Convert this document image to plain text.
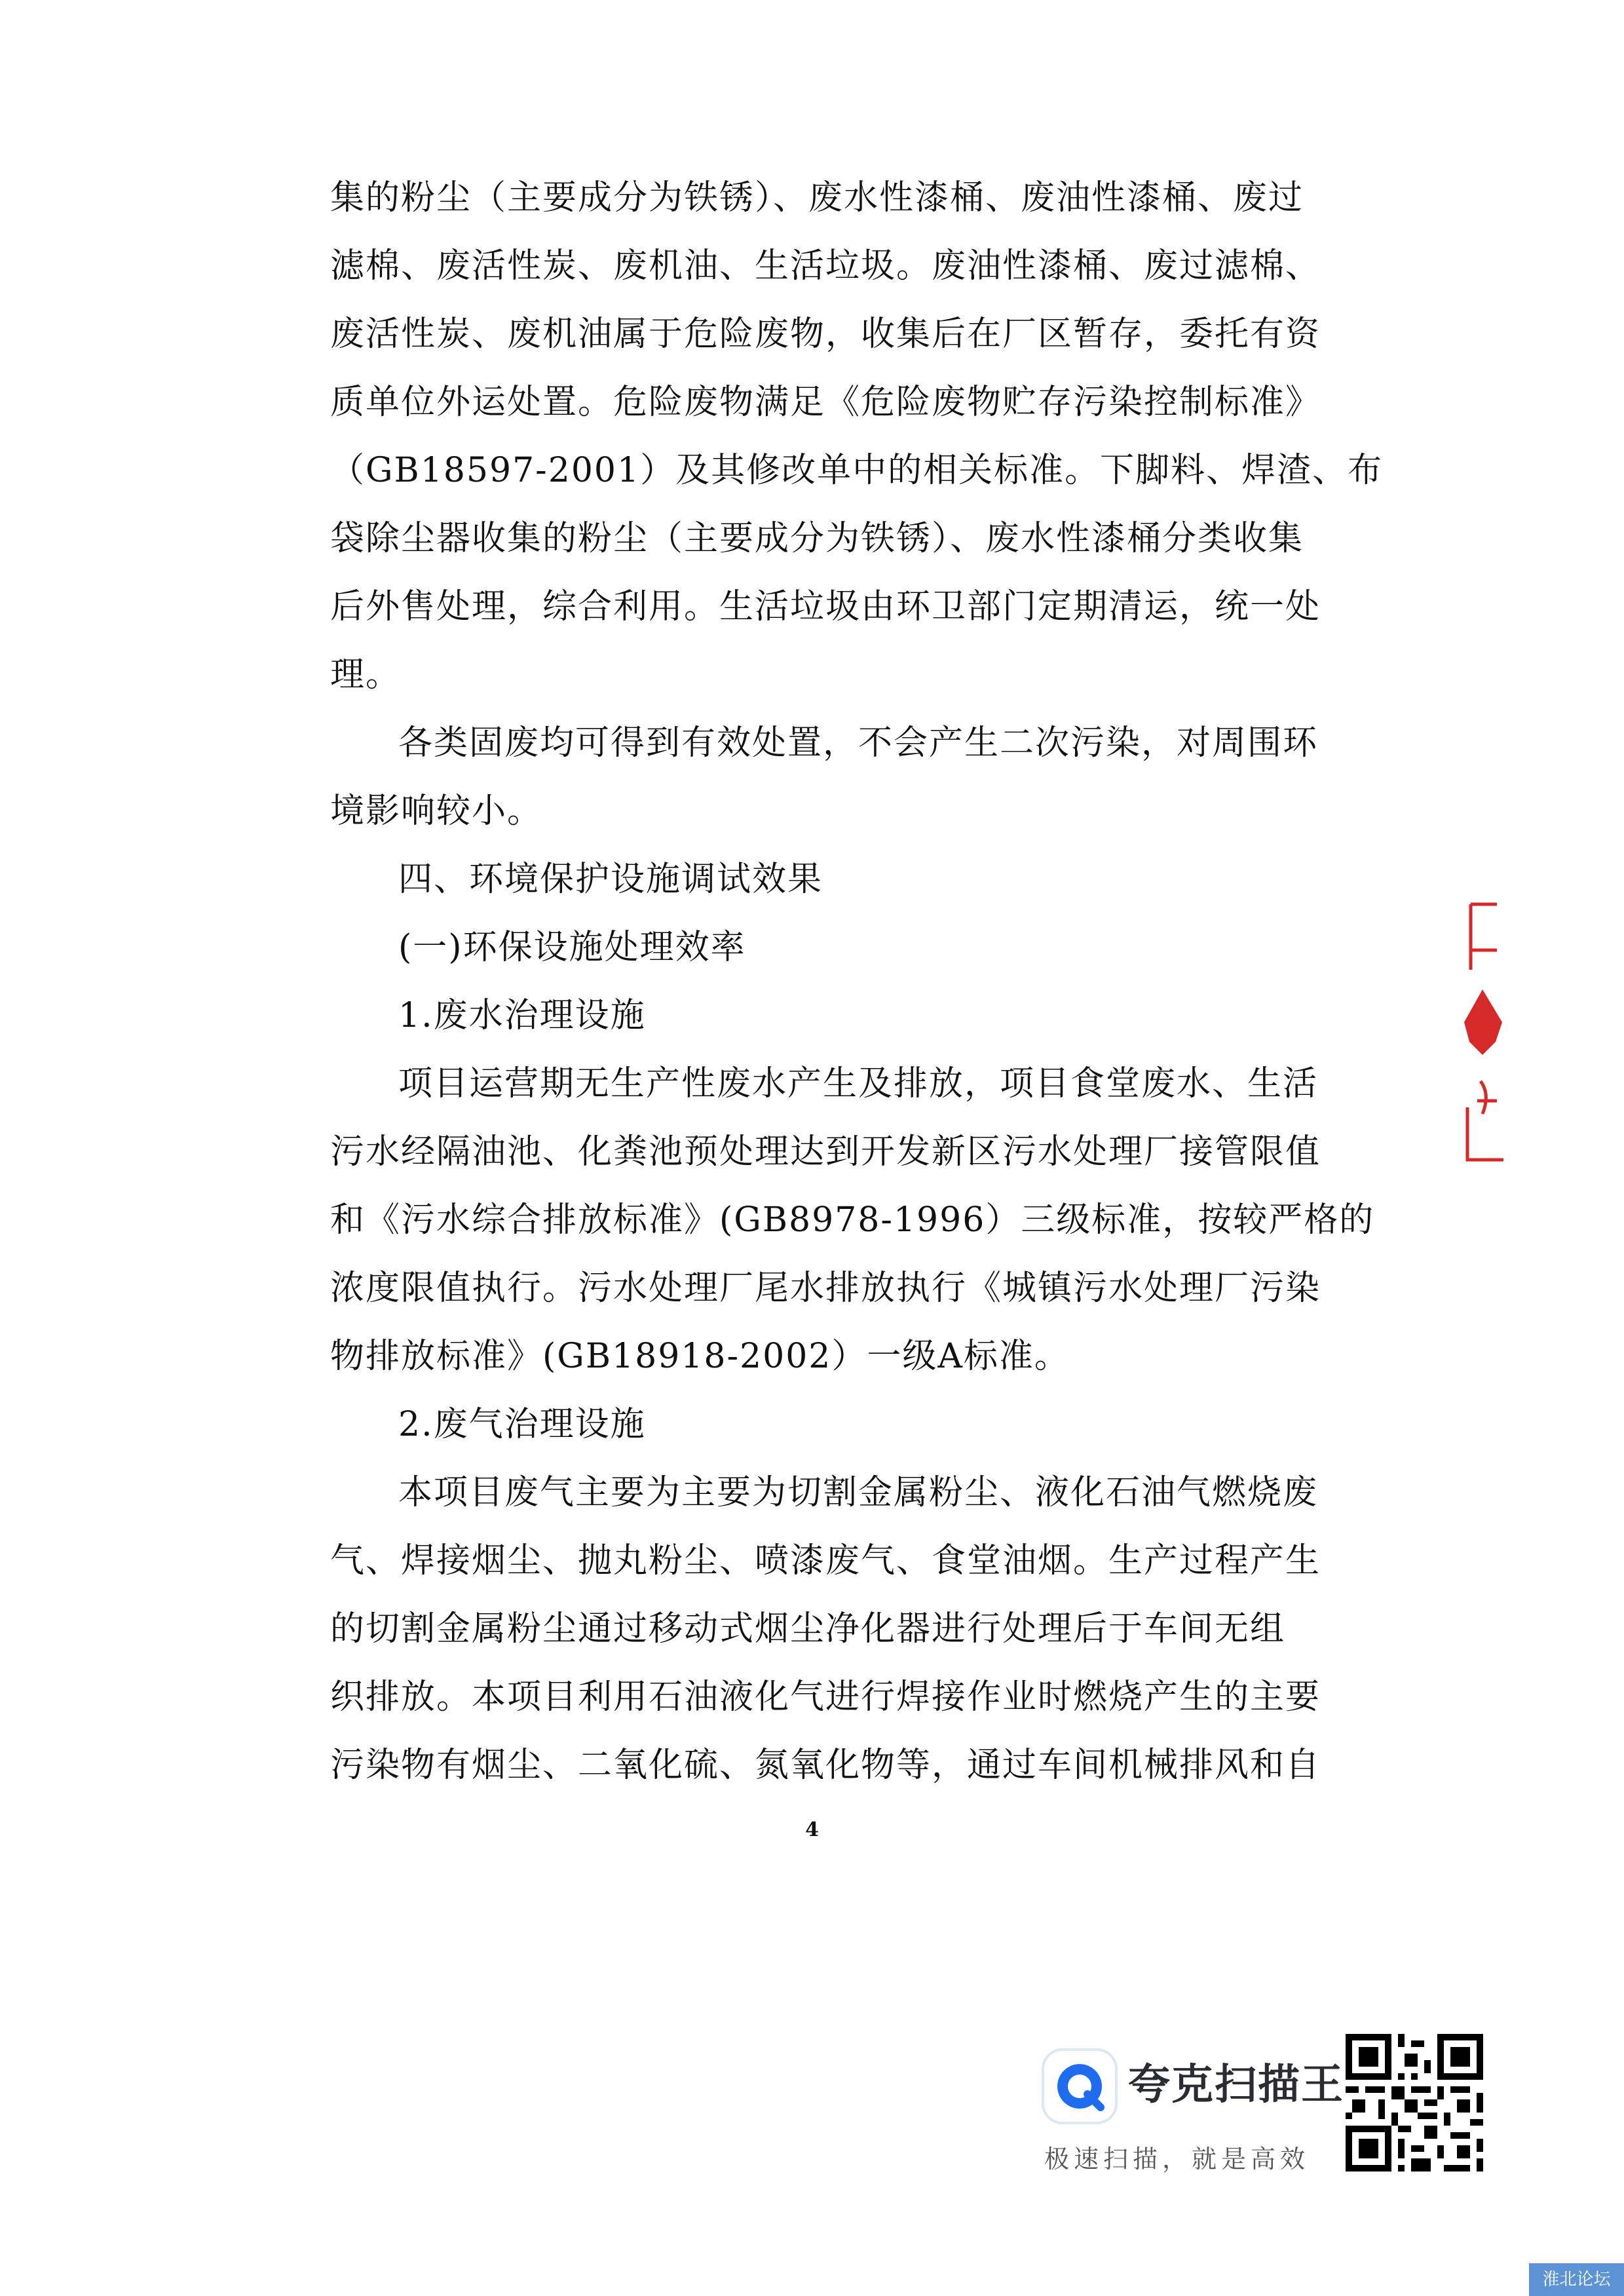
集的粉尘（主要成分为铁锈）、废水性漆桶、废油性漆桶、废过
滤棉、废活性炭、废机油、生活垃圾。废油性漆桶、废过滤棉、
废活性炭、废机油属于危险废物，收集后在厂区暂存，委托有资
质单位外运处置。危险废物满足《危险废物贮存污染控制标准》
（GB18597-2001）及其修改单中的相关标准。下脚料、焊渣、布
袋除尘器收集的粉尘（主要成分为铁锈）、废水性漆桶分类收集
后外售处理，综合利用。生活垃圾由环卫部门定期清运，统一处
理。
各类固废均可得到有效处置，不会产生二次污染，对周围环
境影响较小。
四、环境保护设施调试效果
(一)环保设施处理效率
1.废水治理设施
项目运营期无生产性废水产生及排放，项目食堂废水、生活
污水经隔油池、化粪池预处理达到开发新区污水处理厂接管限值
和《污水综合排放标准》(GB8978-1996）三级标准，按较严格的
浓度限值执行。污水处理厂尾水排放执行《城镇污水处理厂污染
物排放标准》(GB18918-2002）一级A标准。
2.废气治理设施
本项目废气主要为主要为切割金属粉尘、液化石油气燃烧废
气、焊接烟尘、抛丸粉尘、喷漆废气、食堂油烟。生产过程产生
的切割金属粉尘通过移动式烟尘净化器进行处理后于车间无组
织排放。本项目利用石油液化气进行焊接作业时燃烧产生的主要
污染物有烟尘、二氧化硫、氮氧化物等，通过车间机械排风和自
4
夸克扫描王
极速扫描，就是高效
淮北论坛
